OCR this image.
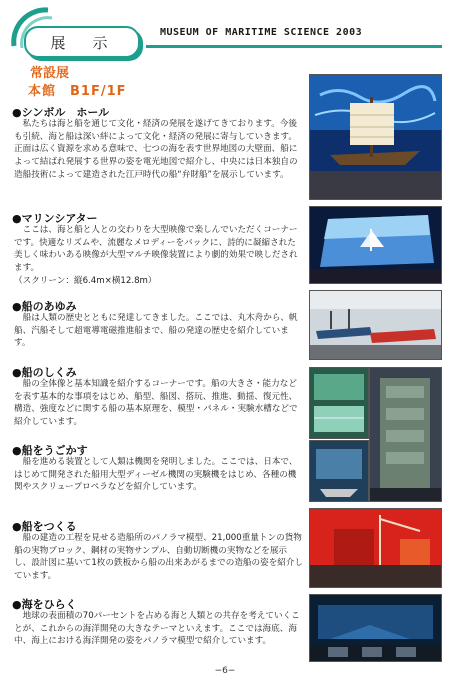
展　示
MUSEUM OF MARITIME SCIENCE 2003
常設展
本館　B1F/1F
●シンボル　ホール
　私たちは海と船を通じて文化・経済の発展を遂げてきております。今後も引続、海と船は深い絆によって文化・経済の発展に寄与していきます。正面は広く資源を求める意味で、七つの海を表す世界地図の大壁面、船によって結ばれ発展する世界の姿を電光地図で紹介し、中央には日本独自の造船技術によって建造された江戸時代の船“弁財船”を展示しています。
●マリンシアター
　ここは、海と船と人との交わりを大型映像で楽しんでいただくコーナーです。快適なリズムや、流麗なメロディーをバックに、詩的に凝縮された美しく味わいある映像が大型マルチ映像装置により劇的効果で映しだされます。
（スクリーン：縦6.4m×横12.8m）
●船のあゆみ
　船は人類の歴史とともに発達してきました。ここでは、丸木舟から、帆船、汽船そして超電導電磁推進船まで、船の発達の歴史を紹介しています。
●船のしくみ
　船の全体像と基本知識を紹介するコーナーです。船の大きさ・能力などを表す基本的な事項をはじめ、船型、船図、搭玩、推進、動揺、復元性、構造、強度などに関する船の基本原理を、模型・パネル・実験水槽などで紹介しています。
●船をうごかす
　船を進める装置として人類は機関を発明しました。ここでは、日本で、はじめて開発された船用大型ディーゼル機関の実験機をはじめ、各種の機関やスクリュープロペラなどを紹介しています。
●船をつくる
　船の建造の工程を見せる造船所のパノラマ模型、21,000重量トンの貨物船の実物ブロック、鋼材の実物サンプル、自動切断機の実物などを展示し、設計図に基いて1枚の鉄板から船の出来あがるまでの造船の姿を紹介しています。
●海をひらく
　地球の表面積の70パーセントを占める海と人類との共存を考えていくことが、これからの海洋開発の大きなテーマといえます。ここでは海底、海中、海上における海洋開発の姿をパノラマ模型で紹介しています。
−6−
